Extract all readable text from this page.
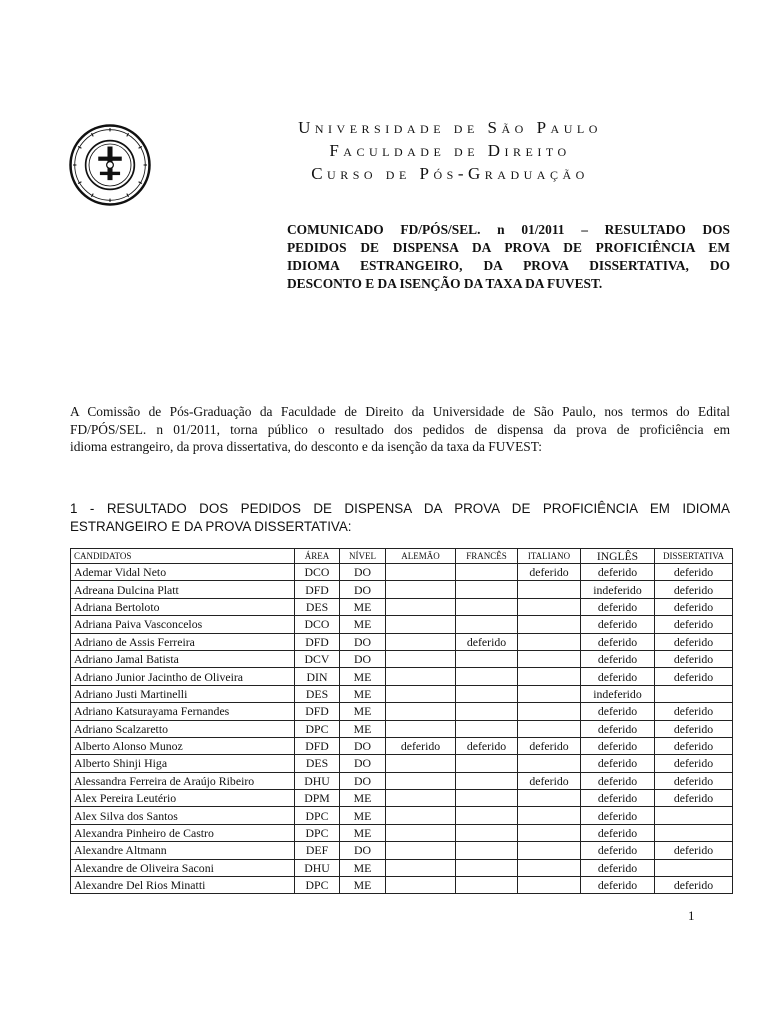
Universidade de São Paulo
Faculdade de Direito
Curso de Pós-Graduação
COMUNICADO FD/PÓS/SEL. n 01/2011 – RESULTADO DOS
PEDIDOS DE DISPENSA DA PROVA DE PROFICIÊNCIA EM
IDIOMA ESTRANGEIRO, DA PROVA DISSERTATIVA, DO
DESCONTO E DA ISENÇÃO DA TAXA DA FUVEST.
A Comissão de Pós-Graduação da Faculdade de Direito da Universidade de São Paulo, nos termos do Edital
FD/PÓS/SEL. n 01/2011, torna público o resultado dos pedidos de dispensa da prova de proficiência em
idioma estrangeiro, da prova dissertativa, do desconto e da isenção da taxa da FUVEST:
1 - RESULTADO DOS PEDIDOS DE DISPENSA DA PROVA DE PROFICIÊNCIA EM IDIOMA
ESTRANGEIRO E DA PROVA DISSERTATIVA:
CANDIDATOS	ÁREA	NÍVEL	ALEMÃO	FRANCÊS	ITALIANO	INGLÊS	DISSERTATIVA
Ademar Vidal Neto	DCO	DO			deferido	deferido	deferido
Adreana Dulcina Platt	DFD	DO				indeferido	deferido
Adriana Bertoloto	DES	ME				deferido	deferido
Adriana Paiva Vasconcelos	DCO	ME				deferido	deferido
Adriano de Assis Ferreira	DFD	DO		deferido		deferido	deferido
Adriano Jamal Batista	DCV	DO				deferido	deferido
Adriano Junior Jacintho de Oliveira	DIN	ME				deferido	deferido
Adriano Justi Martinelli	DES	ME				indeferido	
Adriano Katsurayama Fernandes	DFD	ME				deferido	deferido
Adriano Scalzaretto	DPC	ME				deferido	deferido
Alberto Alonso Munoz	DFD	DO	deferido	deferido	deferido	deferido	deferido
Alberto Shinji Higa	DES	DO				deferido	deferido
Alessandra Ferreira de Araújo Ribeiro	DHU	DO			deferido	deferido	deferido
Alex Pereira Leutério	DPM	ME				deferido	deferido
Alex Silva dos Santos	DPC	ME				deferido	
Alexandra Pinheiro de Castro	DPC	ME				deferido	
Alexandre Altmann	DEF	DO				deferido	deferido
Alexandre de Oliveira Saconi	DHU	ME				deferido	
Alexandre Del Rios Minatti	DPC	ME				deferido	deferido
1
